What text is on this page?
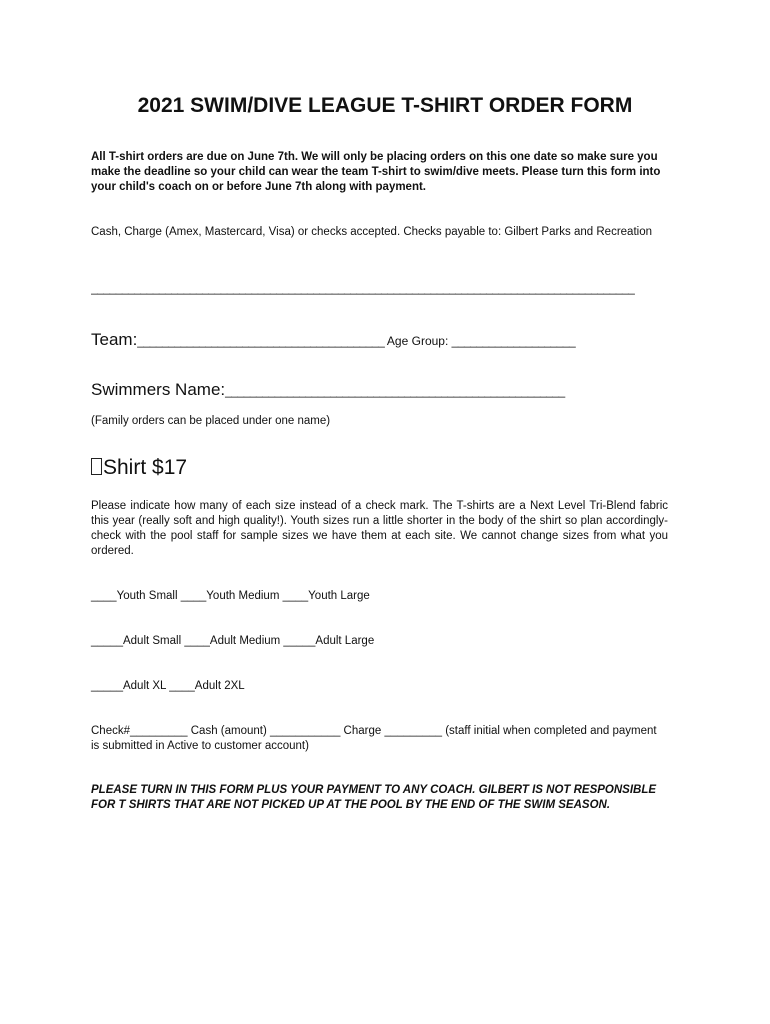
2021 SWIM/DIVE LEAGUE T-SHIRT ORDER FORM
All T-shirt orders are due on June 7th. We will only be placing orders on this one date so make sure you make the deadline so your child can wear the team T-shirt to swim/dive meets. Please turn this form into your child's coach on or before June 7th along with payment.
Cash, Charge (Amex, Mastercard, Visa) or checks accepted. Checks payable to: Gilbert Parks and Recreation
________________________________________________________________________________________
Team:________________________________________ Age Group: ____________________
Swimmers Name:_______________________________________________________
(Family orders can be placed under one name)
Shirt $17
Please indicate how many of each size instead of a check mark. The T-shirts are a Next Level Tri-Blend fabric this year (really soft and high quality!). Youth sizes run a little shorter in the body of the shirt so plan accordingly-check with the pool staff for sample sizes we have them at each site. We cannot change sizes from what you ordered.
____Youth Small ____Youth Medium ____Youth Large
_____Adult Small ____Adult Medium _____Adult Large
_____Adult XL ____Adult 2XL
Check#_________ Cash (amount) ___________ Charge _________ (staff initial when completed and payment is submitted in Active to customer account)
PLEASE TURN IN THIS FORM PLUS YOUR PAYMENT TO ANY COACH. GILBERT IS NOT RESPONSIBLE FOR T SHIRTS THAT ARE NOT PICKED UP AT THE POOL BY THE END OF THE SWIM SEASON.
